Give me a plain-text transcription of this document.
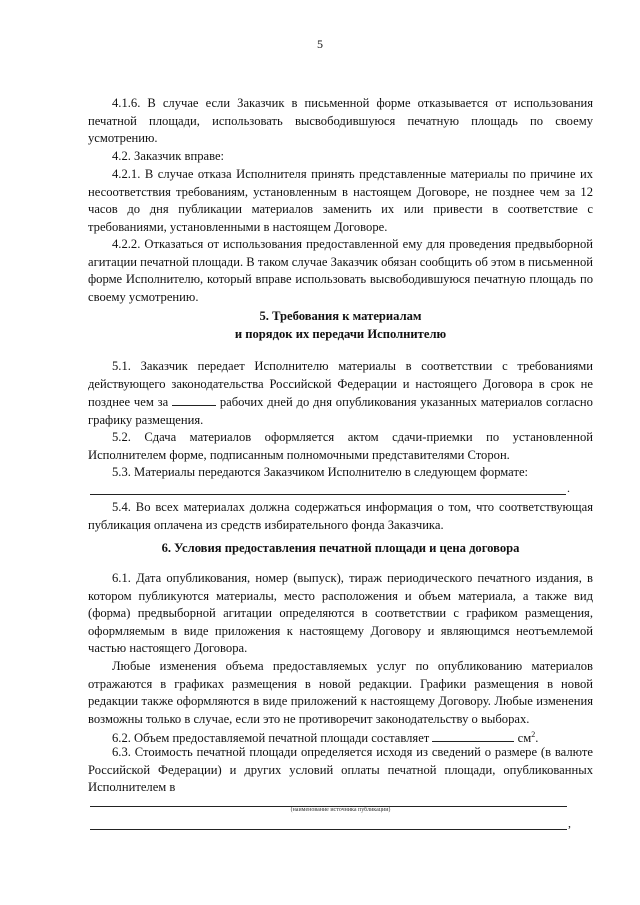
5

4.1.6. В случае если Заказчик в письменной форме отказывается от использования печатной площади, использовать высвободившуюся печатную площадь по своему усмотрению.

4.2. Заказчик вправе:

4.2.1. В случае отказа Исполнителя принять представленные материалы по причине их несоответствия требованиям, установленным в настоящем Договоре, не позднее чем за 12 часов до дня публикации материалов заменить их или привести в соответствие с требованиями, установленными в настоящем Договоре.

4.2.2. Отказаться от использования предоставленной ему для проведения предвыборной агитации печатной площади. В таком случае Заказчик обязан сообщить об этом в письменной форме Исполнителю, который вправе использовать высвободившуюся печатную площадь по своему усмотрению.

5. Требования к материалам

и порядок их передачи Исполнителю

5.1. Заказчик передает Исполнителю материалы в соответствии с требованиями действующего законодательства Российской Федерации и настоящего Договора в срок не позднее чем за	рабочих дней до дня опубликования указанных материалов согласно графику размещения.

5.2. Сдача материалов оформляется актом сдачи-приемки по установленной Исполнителем форме, подписанным полномочными представителями Сторон.

5.3. Материалы передаются Заказчиком Исполнителю в следующем формате:

.

5.4. Во всех материалах должна содержаться информация о том, что соответствующая публикация оплачена из средств избирательного фонда Заказчика.

6. Условия предоставления печатной площади и цена договора

6.1. Дата опубликования, номер (выпуск), тираж периодического печатного издания, в котором публикуются материалы, место расположения и объем материала, а также вид (форма) предвыборной агитации определяются в соответствии с графиком размещения, оформляемым в виде приложения к настоящему Договору и являющимся неотъемлемой частью настоящего Договора.

Любые изменения объема предоставляемых услуг по опубликованию материалов отражаются в графиках размещения в новой редакции. Графики размещения в новой редакции также оформляются в виде приложений к настоящему Договору. Любые изменения возможны только в случае, если это не противоречит законодательству о выборах.

6.2. Объем предоставляемой печатной площади составляет	$см^2$.

6.3. Стоимость печатной площади определяется исходя из сведений о размере (в валюте Российской Федерации) и других условий оплаты печатной площади, опубликованных Исполнителем в

(наименование источника публикации)
,
